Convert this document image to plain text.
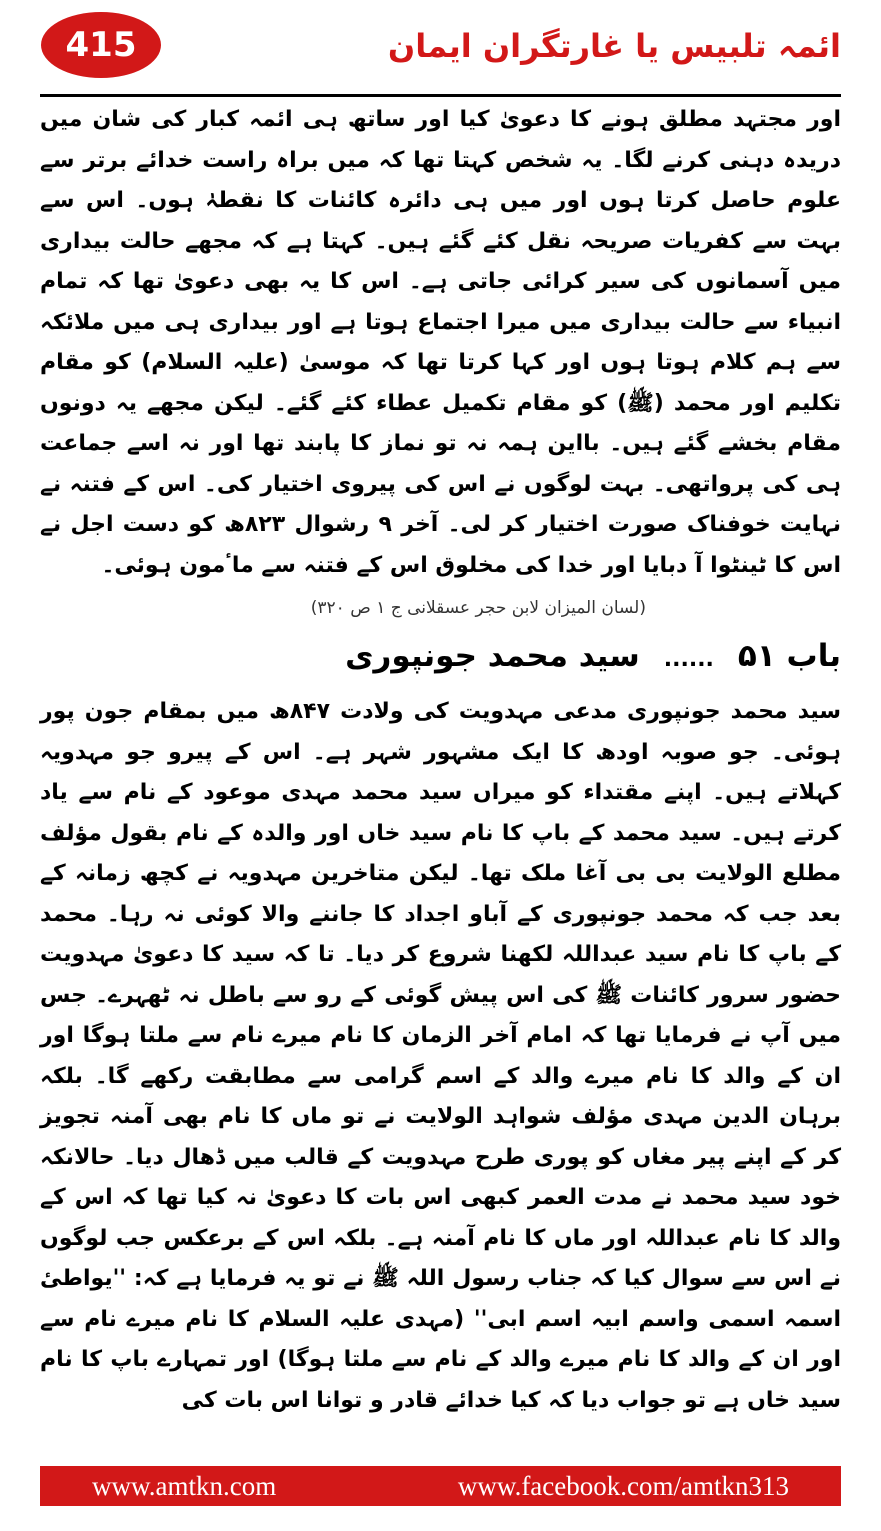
415	ائمہ تلبیس یا غارتگران ایمان

اور مجتہد مطلق ہونے کا دعویٰ کیا اور ساتھ ہی ائمہ کبار کی شان میں دریدہ دہنی کرنے لگا۔ یہ شخص کہتا تھا کہ میں براہ راست خدائے برتر سے علوم حاصل کرتا ہوں اور میں ہی دائرہ کائنات کا نقطہٰ ہوں۔ اس سے بہت سے کفریات صریحہ نقل کئے گئے ہیں۔ کہتا ہے کہ مجھے حالت بیداری میں آسمانوں کی سیر کرائی جاتی ہے۔ اس کا یہ بھی دعویٰ تھا کہ تمام انبیاء سے حالت بیداری میں میرا اجتماع ہوتا ہے اور بیداری ہی میں ملائکہ سے ہم کلام ہوتا ہوں اور کہا کرتا تھا کہ موسیٰ (علیہ السلام) کو مقام تکلیم اور محمد (ﷺ) کو مقام تکمیل عطاء کئے گئے۔ لیکن مجھے یہ دونوں مقام بخشے گئے ہیں۔ بااین ہمہ نہ تو نماز کا پابند تھا اور نہ اسے جماعت ہی کی پرواتھی۔ بہت لوگوں نے اس کی پیروی اختیار کی۔ اس کے فتنہ نے نہایت خوفناک صورت اختیار کر لی۔ آخر ۹ رشوال ۸۲۳ھ کو دست اجل نے اس کا ٹینٹوا آ دبایا اور خدا کی مخلوق اس کے فتنہ سے ماٴمون ہوئی۔

(لسان المیزان لابن حجر عسقلانی ج ۱ ص ۳۲۰)

باب ۵۱......سید محمد جونپوری

سید محمد جونپوری مدعی مہدویت کی ولادت ۸۴۷ھ میں بمقام جون پور ہوئی۔ جو صوبہ اودھ کا ایک مشہور شہر ہے۔ اس کے پیرو جو مہدویہ کہلاتے ہیں۔ اپنے مقتداء کو میراں سید محمد مہدی موعود کے نام سے یاد کرتے ہیں۔ سید محمد کے باپ کا نام سید خاں اور والدہ کے نام بقول مؤلف مطلع الولایت بی بی آغا ملک تھا۔ لیکن متاخرین مہدویہ نے کچھ زمانہ کے بعد جب کہ محمد جونپوری کے آباو اجداد کا جاننے والا کوئی نہ رہا۔ محمد کے باپ کا نام سید عبداللہ لکھنا شروع کر دیا۔ تا کہ سید کا دعویٰ مہدویت حضور سرور کائنات ﷺ کی اس پیش گوئی کے رو سے باطل نہ ٹھہرے۔ جس میں آپ نے فرمایا تھا کہ امام آخر الزمان کا نام میرے نام سے ملتا ہوگا اور ان کے والد کا نام میرے والد کے اسم گرامی سے مطابقت رکھے گا۔ بلکہ برہان الدین مہدی مؤلف شواہد الولایت نے تو ماں کا نام بھی آمنہ تجویز کر کے اپنے پیر مغاں کو پوری طرح مہدویت کے قالب میں ڈھال دیا۔ حالانکہ خود سید محمد نے مدت العمر کبھی اس بات کا دعویٰ نہ کیا تھا کہ اس کے والد کا نام عبداللہ اور ماں کا نام آمنہ ہے۔ بلکہ اس کے برعکس جب لوگوں نے اس سے سوال کیا کہ جناب رسول اللہ ﷺ نے تو یہ فرمایا ہے کہ: ''یواطیٔ اسمہ اسمی واسم ابیہ اسم ابی'' (مہدی علیہ السلام کا نام میرے نام سے اور ان کے والد کا نام میرے والد کے نام سے ملتا ہوگا) اور تمہارے باپ کا نام سید خاں ہے تو جواب دیا کہ کیا خدائے قادر و توانا اس بات کی

www.amtkn.com	www.facebook.com/amtkn313
